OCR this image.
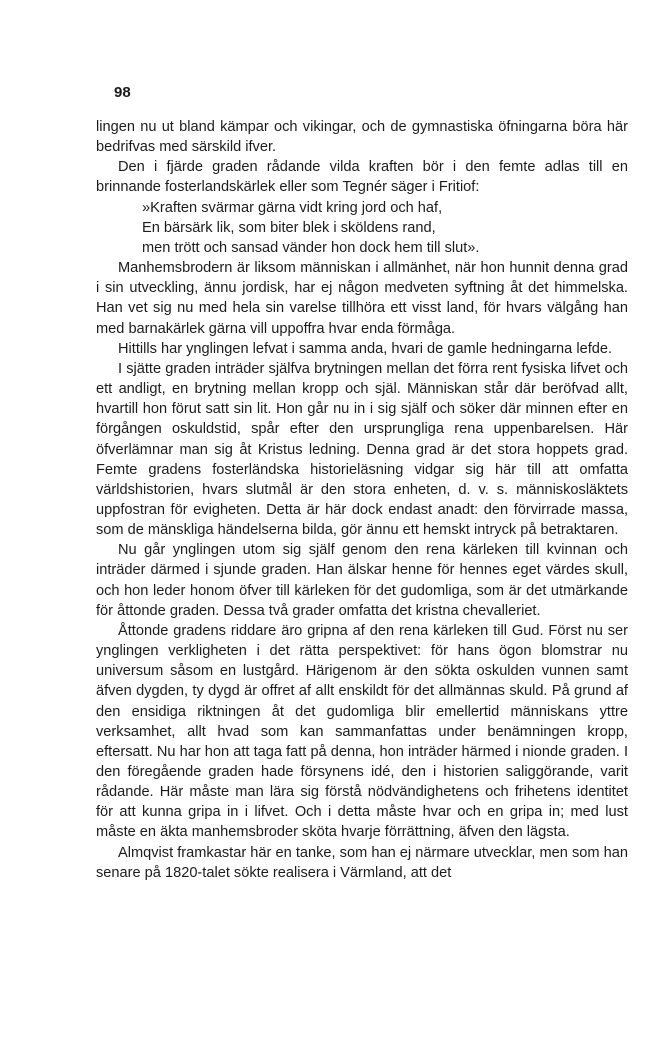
98

lingen nu ut bland kämpar och vikingar, och de gymnastiska öfningarna böra här bedrifvas med särskild ifver.

Den i fjärde graden rådande vilda kraften bör i den femte adlas till en brinnande fosterlandskärlek eller som Tegnér säger i Fritiof:

»Kraften svärmar gärna vidt kring jord och haf,
En bärsärk lik, som biter blek i sköldens rand,
men trött och sansad vänder hon dock hem till slut».

Manhemsbrodern är liksom människan i allmänhet, när hon hunnit denna grad i sin utveckling, ännu jordisk, har ej någon medveten syftning åt det himmelska. Han vet sig nu med hela sin varelse tillhöra ett visst land, för hvars välgång han med barnakärlek gärna vill uppoffra hvar enda förmåga.

Hittills har ynglingen lefvat i samma anda, hvari de gamle hedningarna lefde.

I sjätte graden inträder själfva brytningen mellan det förra rent fysiska lifvet och ett andligt, en brytning mellan kropp och själ. Människan står där beröfvad allt, hvartill hon förut satt sin lit. Hon går nu in i sig själf och söker där minnen efter en förgången oskuldstid, spår efter den ursprungliga rena uppenbarelsen. Här öfverlämnar man sig åt Kristus ledning. Denna grad är det stora hoppets grad. Femte gradens fosterländska historieläsning vidgar sig här till att omfatta världshistorien, hvars slutmål är den stora enheten, d. v. s. människosläktets uppfostran för evigheten. Detta är här dock endast anadt: den förvirrade massa, som de mänskliga händelserna bilda, gör ännu ett hemskt intryck på betraktaren.

Nu går ynglingen utom sig själf genom den rena kärleken till kvinnan och inträder därmed i sjunde graden. Han älskar henne för hennes eget värdes skull, och hon leder honom öfver till kärleken för det gudomliga, som är det utmärkande för åttonde graden. Dessa två grader omfatta det kristna chevalleriet.

Åttonde gradens riddare äro gripna af den rena kärleken till Gud. Först nu ser ynglingen verkligheten i det rätta perspektivet: för hans ögon blomstrar nu universum såsom en lustgård. Härigenom är den sökta oskulden vunnen samt äfven dygden, ty dygd är offret af allt enskildt för det allmännas skuld. På grund af den ensidiga riktningen åt det gudomliga blir emellertid människans yttre verksamhet, allt hvad som kan sammanfattas under benämningen kropp, eftersatt. Nu har hon att taga fatt på denna, hon inträder härmed i nionde graden. I den föregående graden hade försynens idé, den i historien saliggörande, varit rådande. Här måste man lära sig förstå nödvändighetens och frihetens identitet för att kunna gripa in i lifvet. Och i detta måste hvar och en gripa in; med lust måste en äkta manhemsbroder sköta hvarje förrättning, äfven den lägsta.

Almqvist framkastar här en tanke, som han ej närmare utvecklar, men som han senare på 1820-talet sökte realisera i Värmland, att det
